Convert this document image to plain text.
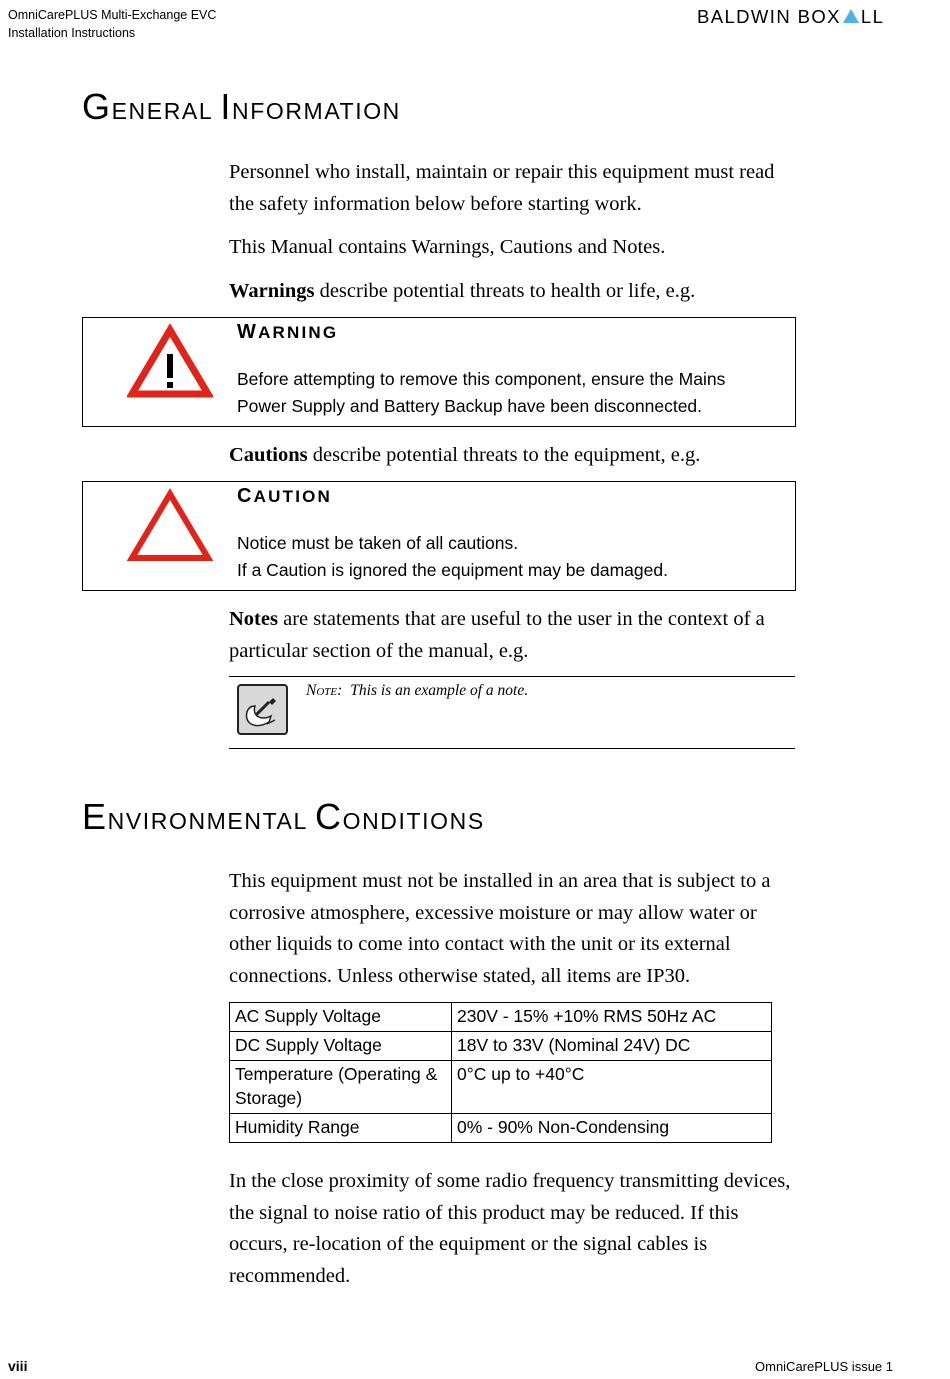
OmniCarePLUS Multi-Exchange EVC
Installation Instructions
BALDWIN BOX LL
GENERAL INFORMATION
Personnel who install, maintain or repair this equipment must read the safety information below before starting work.
This Manual contains Warnings, Cautions and Notes.
Warnings describe potential threats to health or life, e.g.
WARNING
Before attempting to remove this component, ensure the Mains
Power Supply and Battery Backup have been disconnected.
Cautions describe potential threats to the equipment, e.g.
CAUTION
Notice must be taken of all cautions.
If a Caution is ignored the equipment may be damaged.
Notes are statements that are useful to the user in the context of a particular section of the manual, e.g.
Note: This is an example of a note.
ENVIRONMENTAL CONDITIONS
This equipment must not be installed in an area that is subject to a corrosive atmosphere, excessive moisture or may allow water or other liquids to come into contact with the unit or its external connections. Unless otherwise stated, all items are IP30.
AC Supply Voltage	230V - 15% +10% RMS 50Hz AC
DC Supply Voltage	18V to 33V (Nominal 24V) DC
Temperature (Operating & Storage)	0°C up to +40°C
Humidity Range	0% - 90% Non-Condensing
In the close proximity of some radio frequency transmitting devices, the signal to noise ratio of this product may be reduced. If this occurs, re-location of the equipment or the signal cables is recommended.
viii	OmniCarePLUS issue 1
